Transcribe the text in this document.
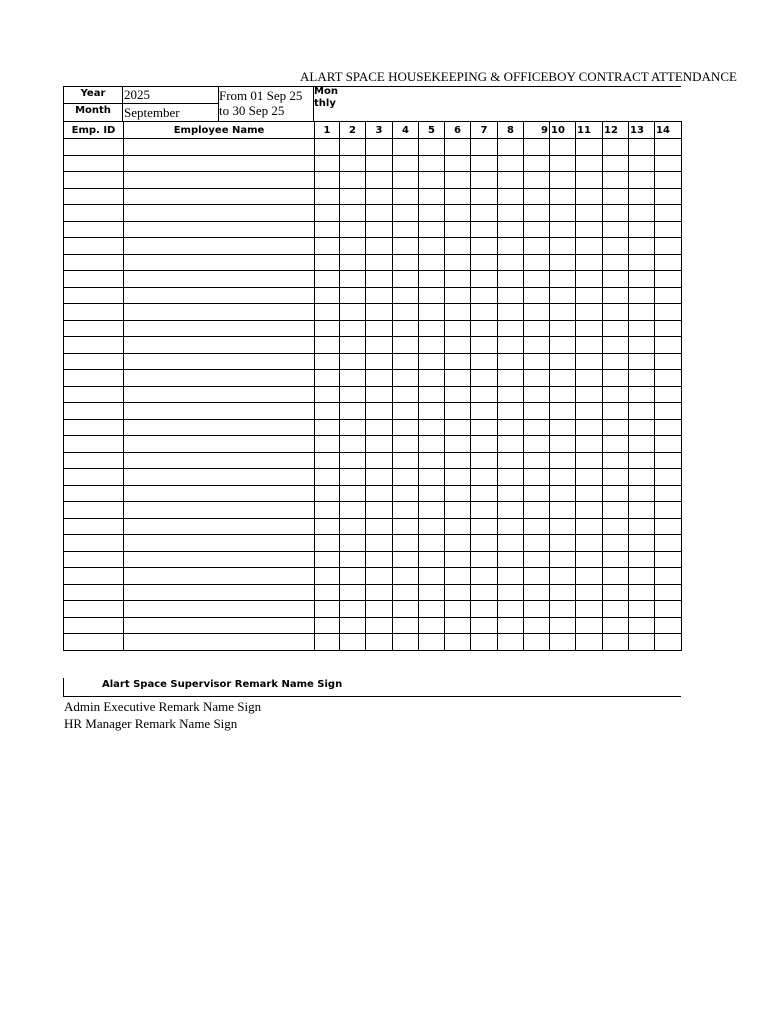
ALART SPACE HOUSEKEEPING & OFFICEBOY CONTRACT ATTENDANCE
Year	2025
Month	September
From 01 Sep 25
to 30 Sep 25
Monthly
Emp. ID	Employee Name	1	2	3	4	5	6	7	8	9	10	11	12	13	14

Alart Space Supervisor Remark Name Sign
Admin Executive Remark Name Sign
HR Manager Remark Name Sign
